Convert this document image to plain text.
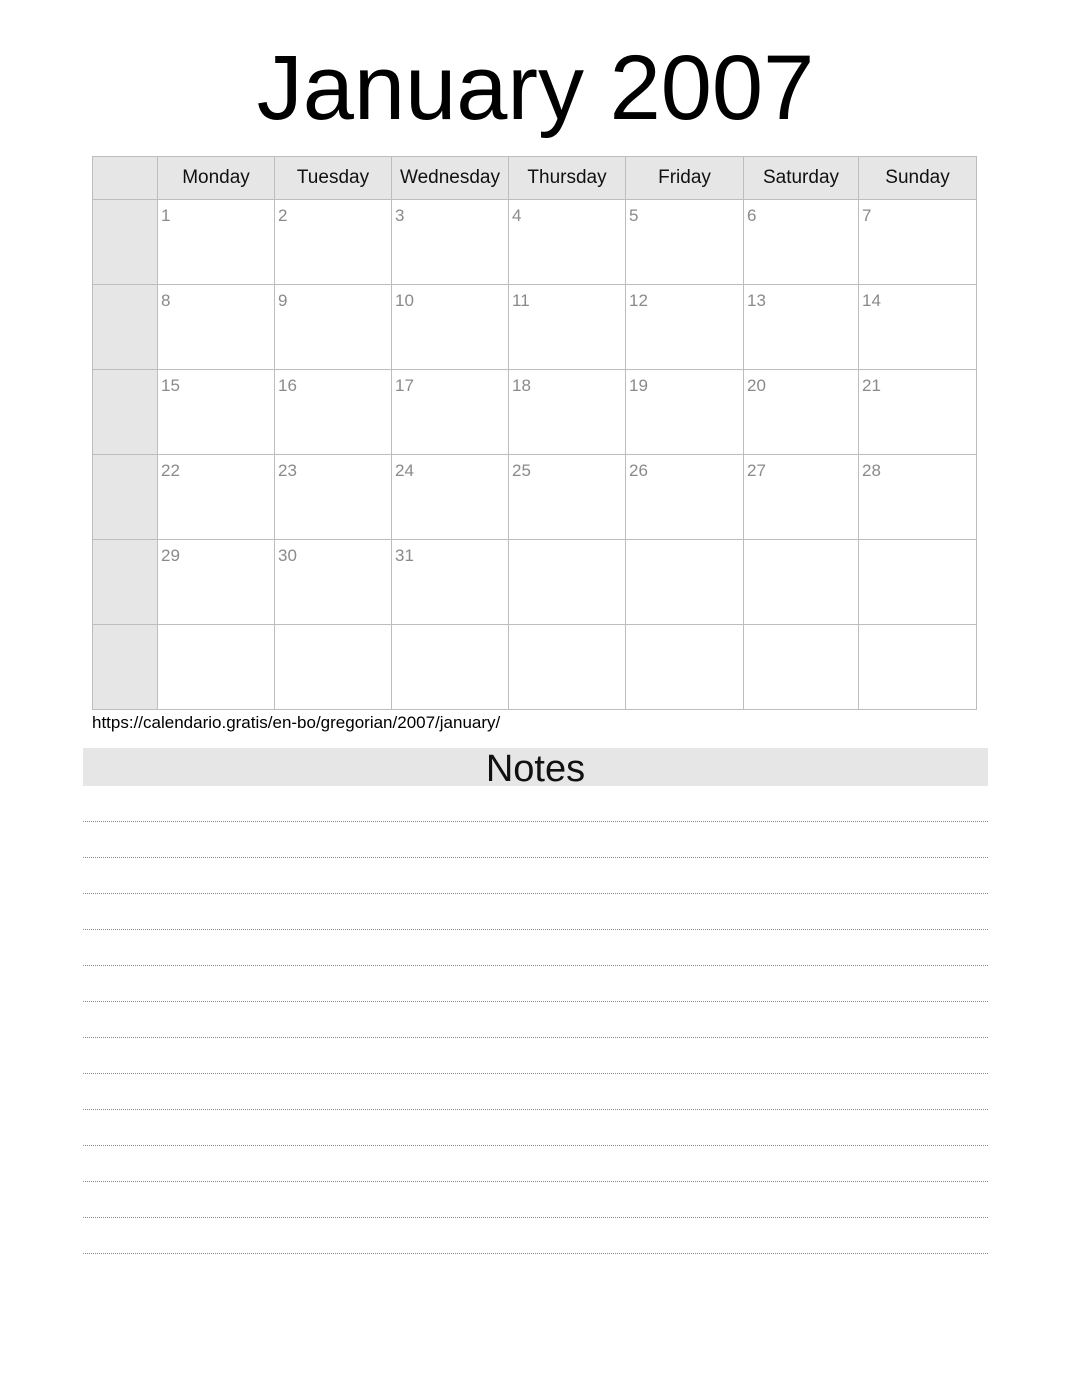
January 2007
	Monday	Tuesday	Wednesday	Thursday	Friday	Saturday	Sunday

	1	2	3	4	5	6	7

	8	9	10	11	12	13	14

	15	16	17	18	19	20	21

	22	23	24	25	26	27	28

	29	30	31				

https://calendario.gratis/en-bo/gregorian/2007/january/
Notes
